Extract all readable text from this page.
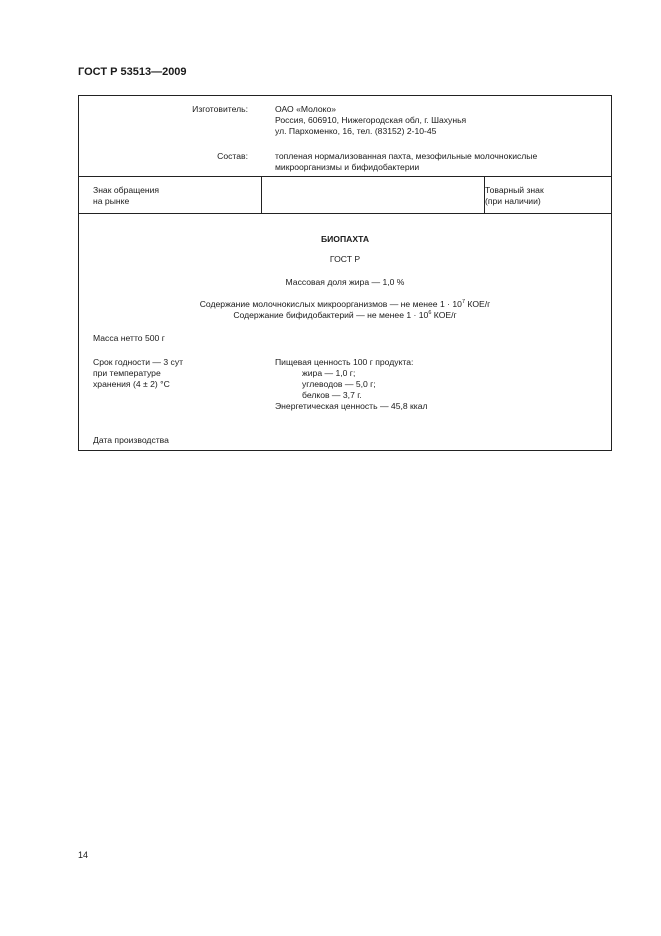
ГОСТ Р 53513—2009
Изготовитель:	ОАО «Молоко»
Россия, 606910, Нижегородская обл, г. Шахунья
ул. Пархоменко, 16, тел. (83152) 2-10-45
Состав:	топленая нормализованная пахта, мезофильные молочнокислые
микроорганизмы и бифидобактерии
Знак обращения
на рынке
Товарный знак
(при наличии)
БИОПАХТА
ГОСТ Р
Массовая доля жира — 1,0 %
Содержание молочнокислых микроорганизмов — не менее $1 \cdot 10^7$ КОЕ/г
Содержание бифидобактерий — не менее $1 \cdot 10^6$ КОЕ/г
Масса нетто 500 г
Срок годности — 3 сут
при температуре
хранения (4 ± 2) °С
Пищевая ценность 100 г продукта:
жира — 1,0 г;
углеводов — 5,0 г;
белков — 3,7 г.
Энергетическая ценность — 45,8 ккал
Дата производства
14
